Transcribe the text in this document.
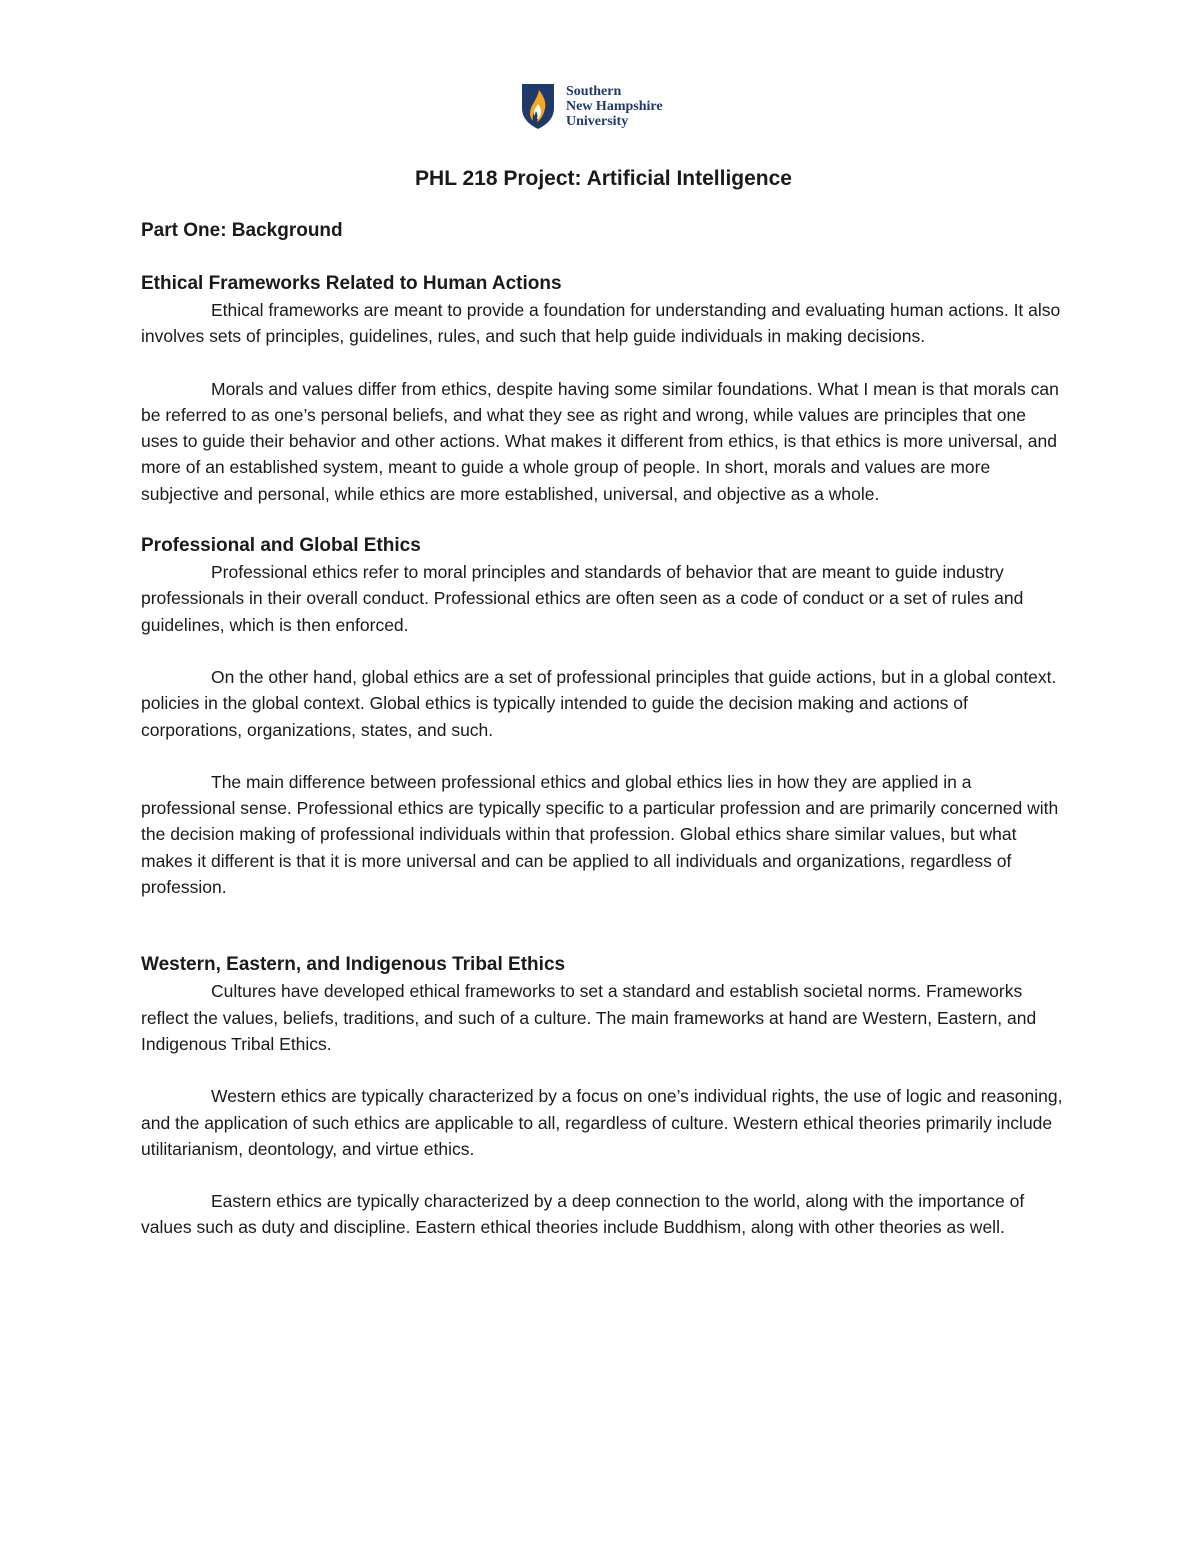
Southern
New Hampshire
University
PHL 218 Project: Artificial Intelligence
Part One: Background
Ethical Frameworks Related to Human Actions

Ethical frameworks are meant to provide a foundation for understanding and evaluating human actions. It also involves sets of principles, guidelines, rules, and such that help guide individuals in making decisions.

Morals and values differ from ethics, despite having some similar foundations. What I mean is that morals can be referred to as one’s personal beliefs, and what they see as right and wrong, while values are principles that one uses to guide their behavior and other actions. What makes it different from ethics, is that ethics is more universal, and more of an established system, meant to guide a whole group of people. In short, morals and values are more subjective and personal, while ethics are more established, universal, and objective as a whole.

Professional and Global Ethics

Professional ethics refer to moral principles and standards of behavior that are meant to guide industry professionals in their overall conduct. Professional ethics are often seen as a code of conduct or a set of rules and guidelines, which is then enforced.

On the other hand, global ethics are a set of professional principles that guide actions, but in a global context. policies in the global context. Global ethics is typically intended to guide the decision making and actions of corporations, organizations, states, and such.

The main difference between professional ethics and global ethics lies in how they are applied in a professional sense. Professional ethics are typically specific to a particular profession and are primarily concerned with the decision making of professional individuals within that profession. Global ethics share similar values, but what makes it different is that it is more universal and can be applied to all individuals and organizations, regardless of profession.

Western, Eastern, and Indigenous Tribal Ethics

Cultures have developed ethical frameworks to set a standard and establish societal norms. Frameworks reflect the values, beliefs, traditions, and such of a culture. The main frameworks at hand are Western, Eastern, and Indigenous Tribal Ethics.

Western ethics are typically characterized by a focus on one’s individual rights, the use of logic and reasoning, and the application of such ethics are applicable to all, regardless of culture. Western ethical theories primarily include utilitarianism, deontology, and virtue ethics.

Eastern ethics are typically characterized by a deep connection to the world, along with the importance of values such as duty and discipline. Eastern ethical theories include Buddhism, along with other theories as well.
